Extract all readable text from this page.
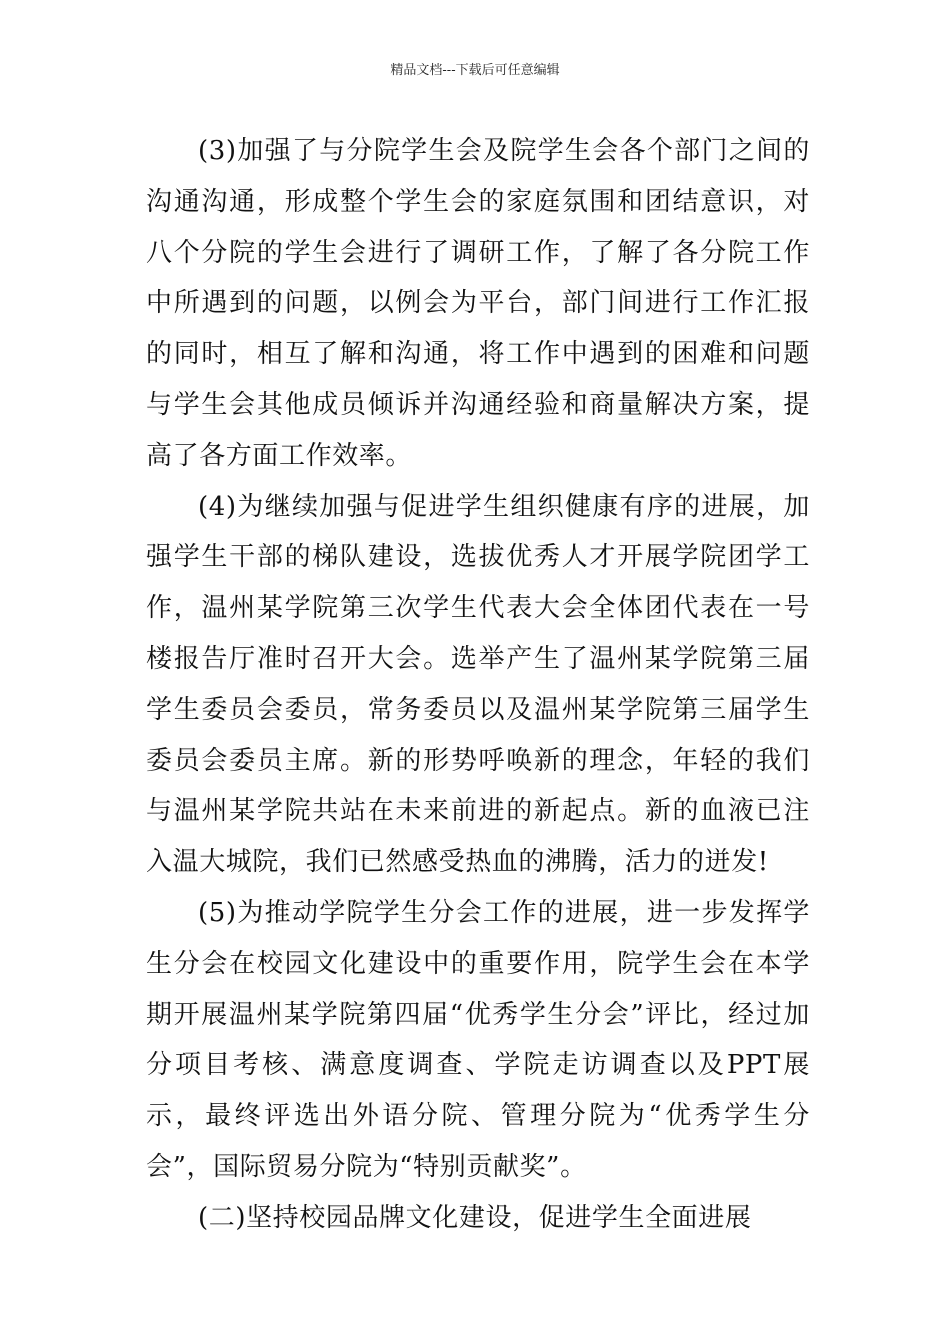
精品文档---下载后可任意编辑

(3)加强了与分院学生会及院学生会各个部门之间的沟通沟通，形成整个学生会的家庭氛围和团结意识，对八个分院的学生会进行了调研工作，了解了各分院工作中所遇到的问题，以例会为平台，部门间进行工作汇报的同时，相互了解和沟通，将工作中遇到的困难和问题与学生会其他成员倾诉并沟通经验和商量解决方案，提高了各方面工作效率。

(4)为继续加强与促进学生组织健康有序的进展，加强学生干部的梯队建设，选拔优秀人才开展学院团学工作，温州某学院第三次学生代表大会全体团代表在一号楼报告厅准时召开大会。选举产生了温州某学院第三届学生委员会委员，常务委员以及温州某学院第三届学生委员会委员主席。新的形势呼唤新的理念，年轻的我们与温州某学院共站在未来前进的新起点。新的血液已注入温大城院，我们已然感受热血的沸腾，活力的迸发!

(5)为推动学院学生分会工作的进展，进一步发挥学生分会在校园文化建设中的重要作用，院学生会在本学期开展温州某学院第四届“优秀学生分会”评比，经过加分项目考核、满意度调查、学院走访调查以及PPT展示，最终评选出外语分院、管理分院为“优秀学生分会”，国际贸易分院为“特别贡献奖”。

(二)坚持校园品牌文化建设，促进学生全面进展
